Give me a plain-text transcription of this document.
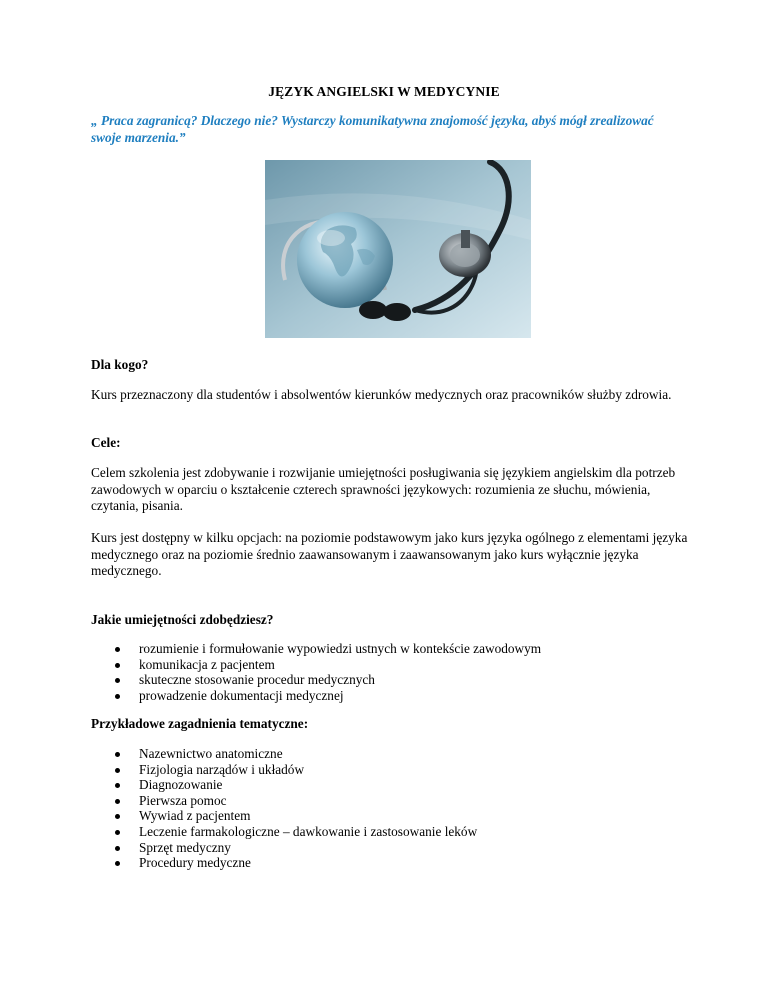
JĘZYK ANGIELSKI W MEDYCYNIE

„ Praca zagranicą? Dlaczego nie? Wystarczy komunikatywna znajomość języka, abyś mógł zrealizować swoje marzenia.”

Dla kogo?

Kurs przeznaczony dla studentów i absolwentów kierunków medycznych oraz pracowników służby zdrowia.

Cele:

Celem szkolenia jest zdobywanie i rozwijanie umiejętności posługiwania się językiem angielskim dla potrzeb zawodowych w oparciu o kształcenie czterech sprawności językowych: rozumienia ze słuchu, mówienia, czytania, pisania.

Kurs jest dostępny w kilku opcjach: na poziomie podstawowym jako kurs języka ogólnego z elementami języka medycznego oraz na poziomie średnio zaawansowanym i zaawansowanym jako kurs wyłącznie języka medycznego.

Jakie umiejętności zdobędziesz?

rozumienie i formułowanie wypowiedzi ustnych w kontekście zawodowym
komunikacja z pacjentem
skuteczne stosowanie procedur medycznych
prowadzenie dokumentacji medycznej

Przykładowe zagadnienia tematyczne:

Nazewnictwo anatomiczne
Fizjologia narządów i układów
Diagnozowanie
Pierwsza pomoc
Wywiad z pacjentem
Leczenie farmakologiczne – dawkowanie i zastosowanie leków
Sprzęt medyczny
Procedury medyczne
